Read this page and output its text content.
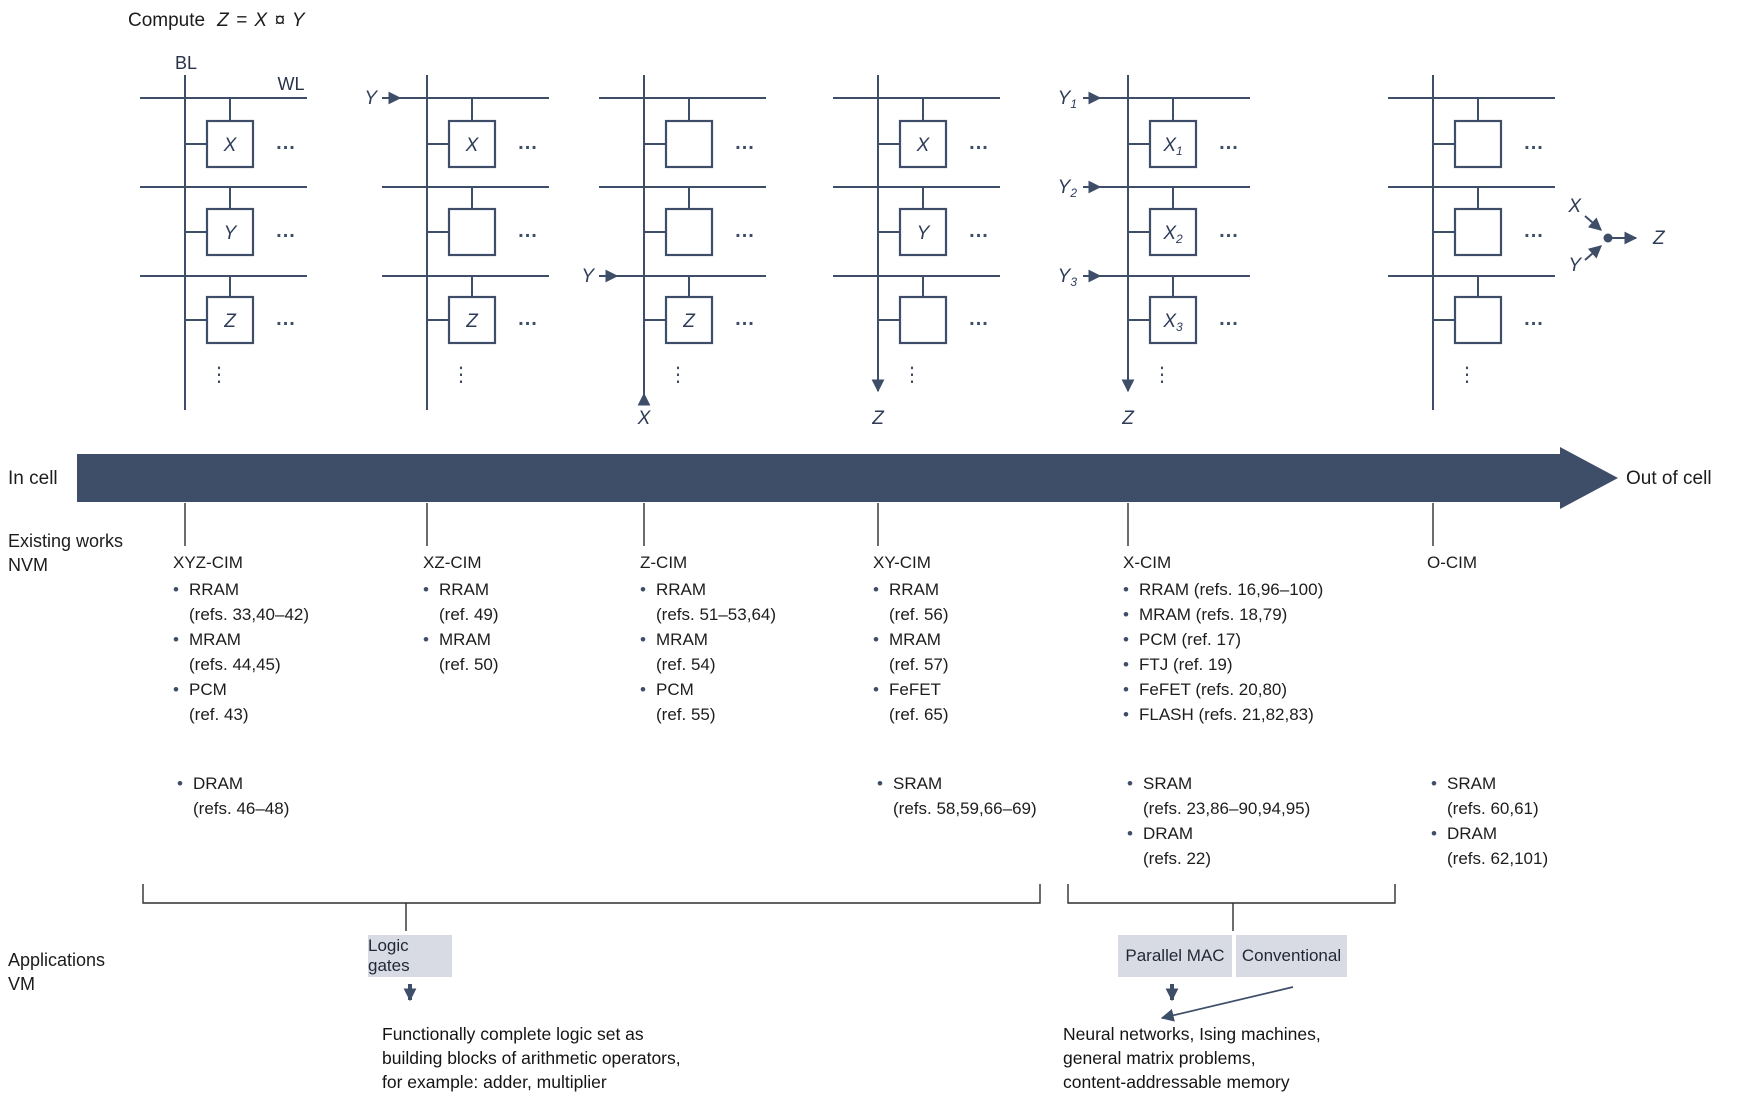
BL
WL
X
Y
Z
...
...
...
⋮
Y
X
Z
...
...
...
⋮
X
Y
Z
...
...
...
⋮
Z
X
Y
...
...
...
⋮
Z
$Y_1$
$Y_2$
$Y_3$
$X_1$
$X_2$
$X_3$
...
...
...
⋮
...
...
...
⋮
X
Y
Z
Compute Z = X ¤ Y
In cell	Out of cell
Existing works
NVM
Applications
VM
XYZ-CIM
• RRAM
(refs. 33,40–42)
• MRAM
(refs. 44,45)
• PCM
(ref. 43)
XZ-CIM
• RRAM
(ref. 49)
• MRAM
(ref. 50)
Z-CIM
• RRAM
(refs. 51–53,64)
• MRAM
(ref. 54)
• PCM
(ref. 55)
XY-CIM
• RRAM
(ref. 56)
• MRAM
(ref. 57)
• FeFET
(ref. 65)
X-CIM
• RRAM (refs. 16,96–100)
• MRAM (refs. 18,79)
• PCM (ref. 17)
• FTJ (ref. 19)
• FeFET (refs. 20,80)
• FLASH (refs. 21,82,83)
O-CIM
• DRAM
(refs. 46–48)
• SRAM
(refs. 58,59,66–69)
• SRAM
(refs. 23,86–90,94,95)
• DRAM
(refs. 22)
• SRAM
(refs. 60,61)
• DRAM
(refs. 62,101)
Logic gates
Parallel MAC Conventional
Functionally complete logic set as
building blocks of arithmetic operators,
for example: adder, multiplier
Neural networks, Ising machines,
general matrix problems,
content-addressable memory
